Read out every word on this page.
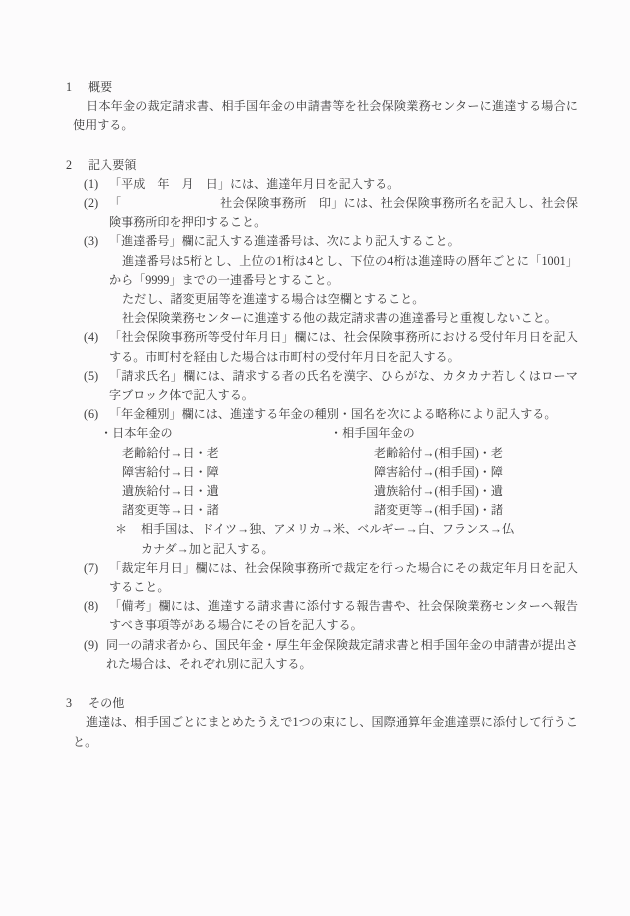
1	概要

日本年金の裁定請求書、相手国年金の申請書等を社会保険業務センターに進達する場合に使用する。

2	記入要領
(1) 「平成　年　月　日」には、進達年月日を記入する。
(2) 「　　　　　　　　社会保険事務所　印」には、社会保険事務所名を記入し、社会保険事務所印を押印すること。
(3) 「進達番号」欄に記入する進達番号は、次により記入すること。

進達番号は5桁とし、上位の1桁は4とし、下位の4桁は進達時の暦年ごとに「1001」から「9999」までの一連番号とすること。

ただし、諸変更届等を進達する場合は空欄とすること。

社会保険業務センターに進達する他の裁定請求書の進達番号と重複しないこと。

(4) 「社会保険事務所等受付年月日」欄には、社会保険事務所における受付年月日を記入する。市町村を経由した場合は市町村の受付年月日を記入する。
(5) 「請求氏名」欄には、請求する者の氏名を漢字、ひらがな、カタカナ若しくはローマ字ブロック体で記入する。
(6) 「年金種別」欄には、進達する年金の種別・国名を次による略称により記入する。
・日本年金の	・相手国年金の
老齢給付→日・老	老齢給付→(相手国)・老
障害給付→日・障	障害給付→(相手国)・障
遺族給付→日・遺	遺族給付→(相手国)・遺
諸変更等→日・諸	諸変更等→(相手国)・諸
＊	相手国は、ドイツ→独、アメリカ→米、ベルギー→白、フランス→仏

カナダ→加と記入する。

(7) 「裁定年月日」欄には、社会保険事務所で裁定を行った場合にその裁定年月日を記入すること。
(8) 「備考」欄には、進達する請求書に添付する報告書や、社会保険業務センターへ報告すべき事項等がある場合にその旨を記入する。
(9) 同一の請求者から、国民年金・厚生年金保険裁定請求書と相手国年金の申請書が提出された場合は、それぞれ別に記入する。
3	その他

進達は、相手国ごとにまとめたうえで1つの束にし、国際通算年金進達票に添付して行うこと。
